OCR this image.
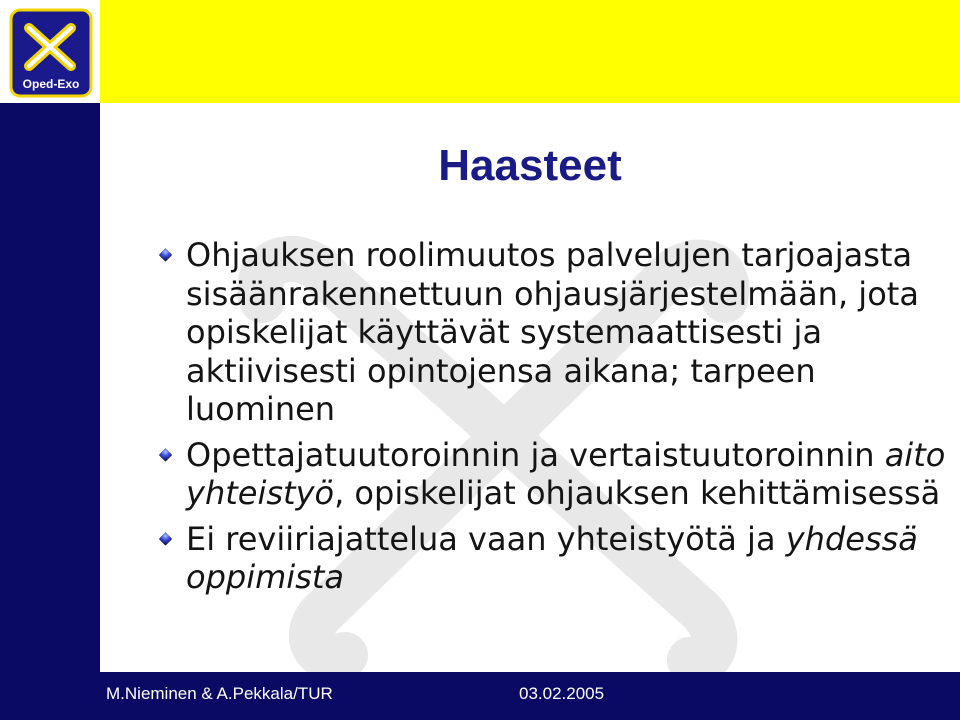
Oped-Exo
Haasteet
Ohjauksen roolimuutos palvelujen tarjoajasta
sisäänrakennettuun ohjausjärjestelmään, jota
opiskelijat käyttävät systemaattisesti ja
aktiivisesti opintojensa aikana; tarpeen
luominen
Opettajatuutoroinnin ja vertaistuutoroinnin aito
yhteistyö, opiskelijat ohjauksen kehittämisessä
Ei reviiriajattelua vaan yhteistyötä ja yhdessä
oppimista
M.Nieminen & A.Pekkala/TUR	03.02.2005
